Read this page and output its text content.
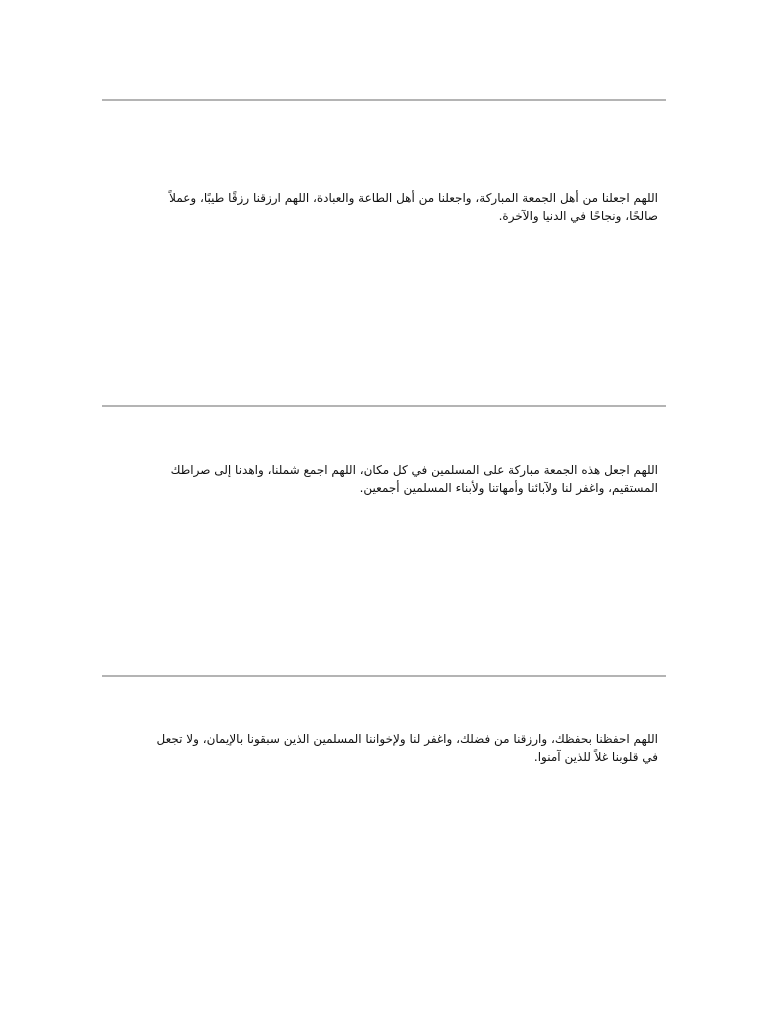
اللهم اجعلنا من أهل الجمعة المباركة، واجعلنا من أهل الطاعة والعبادة، اللهم ارزقنا رزقًا طيبًا، وعملاً
صالحًا، ونجاحًا في الدنيا والآخرة.
اللهم اجعل هذه الجمعة مباركة على المسلمين في كل مكان، اللهم اجمع شملنا، واهدنا إلى صراطك
المستقيم، واغفر لنا ولآبائنا وأمهاتنا ولأبناء المسلمين أجمعين.
اللهم احفظنا بحفظك، وارزقنا من فضلك، واغفر لنا ولإخواننا المسلمين الذين سبقونا بالإيمان، ولا تجعل
في قلوبنا غلاً للذين آمنوا.
